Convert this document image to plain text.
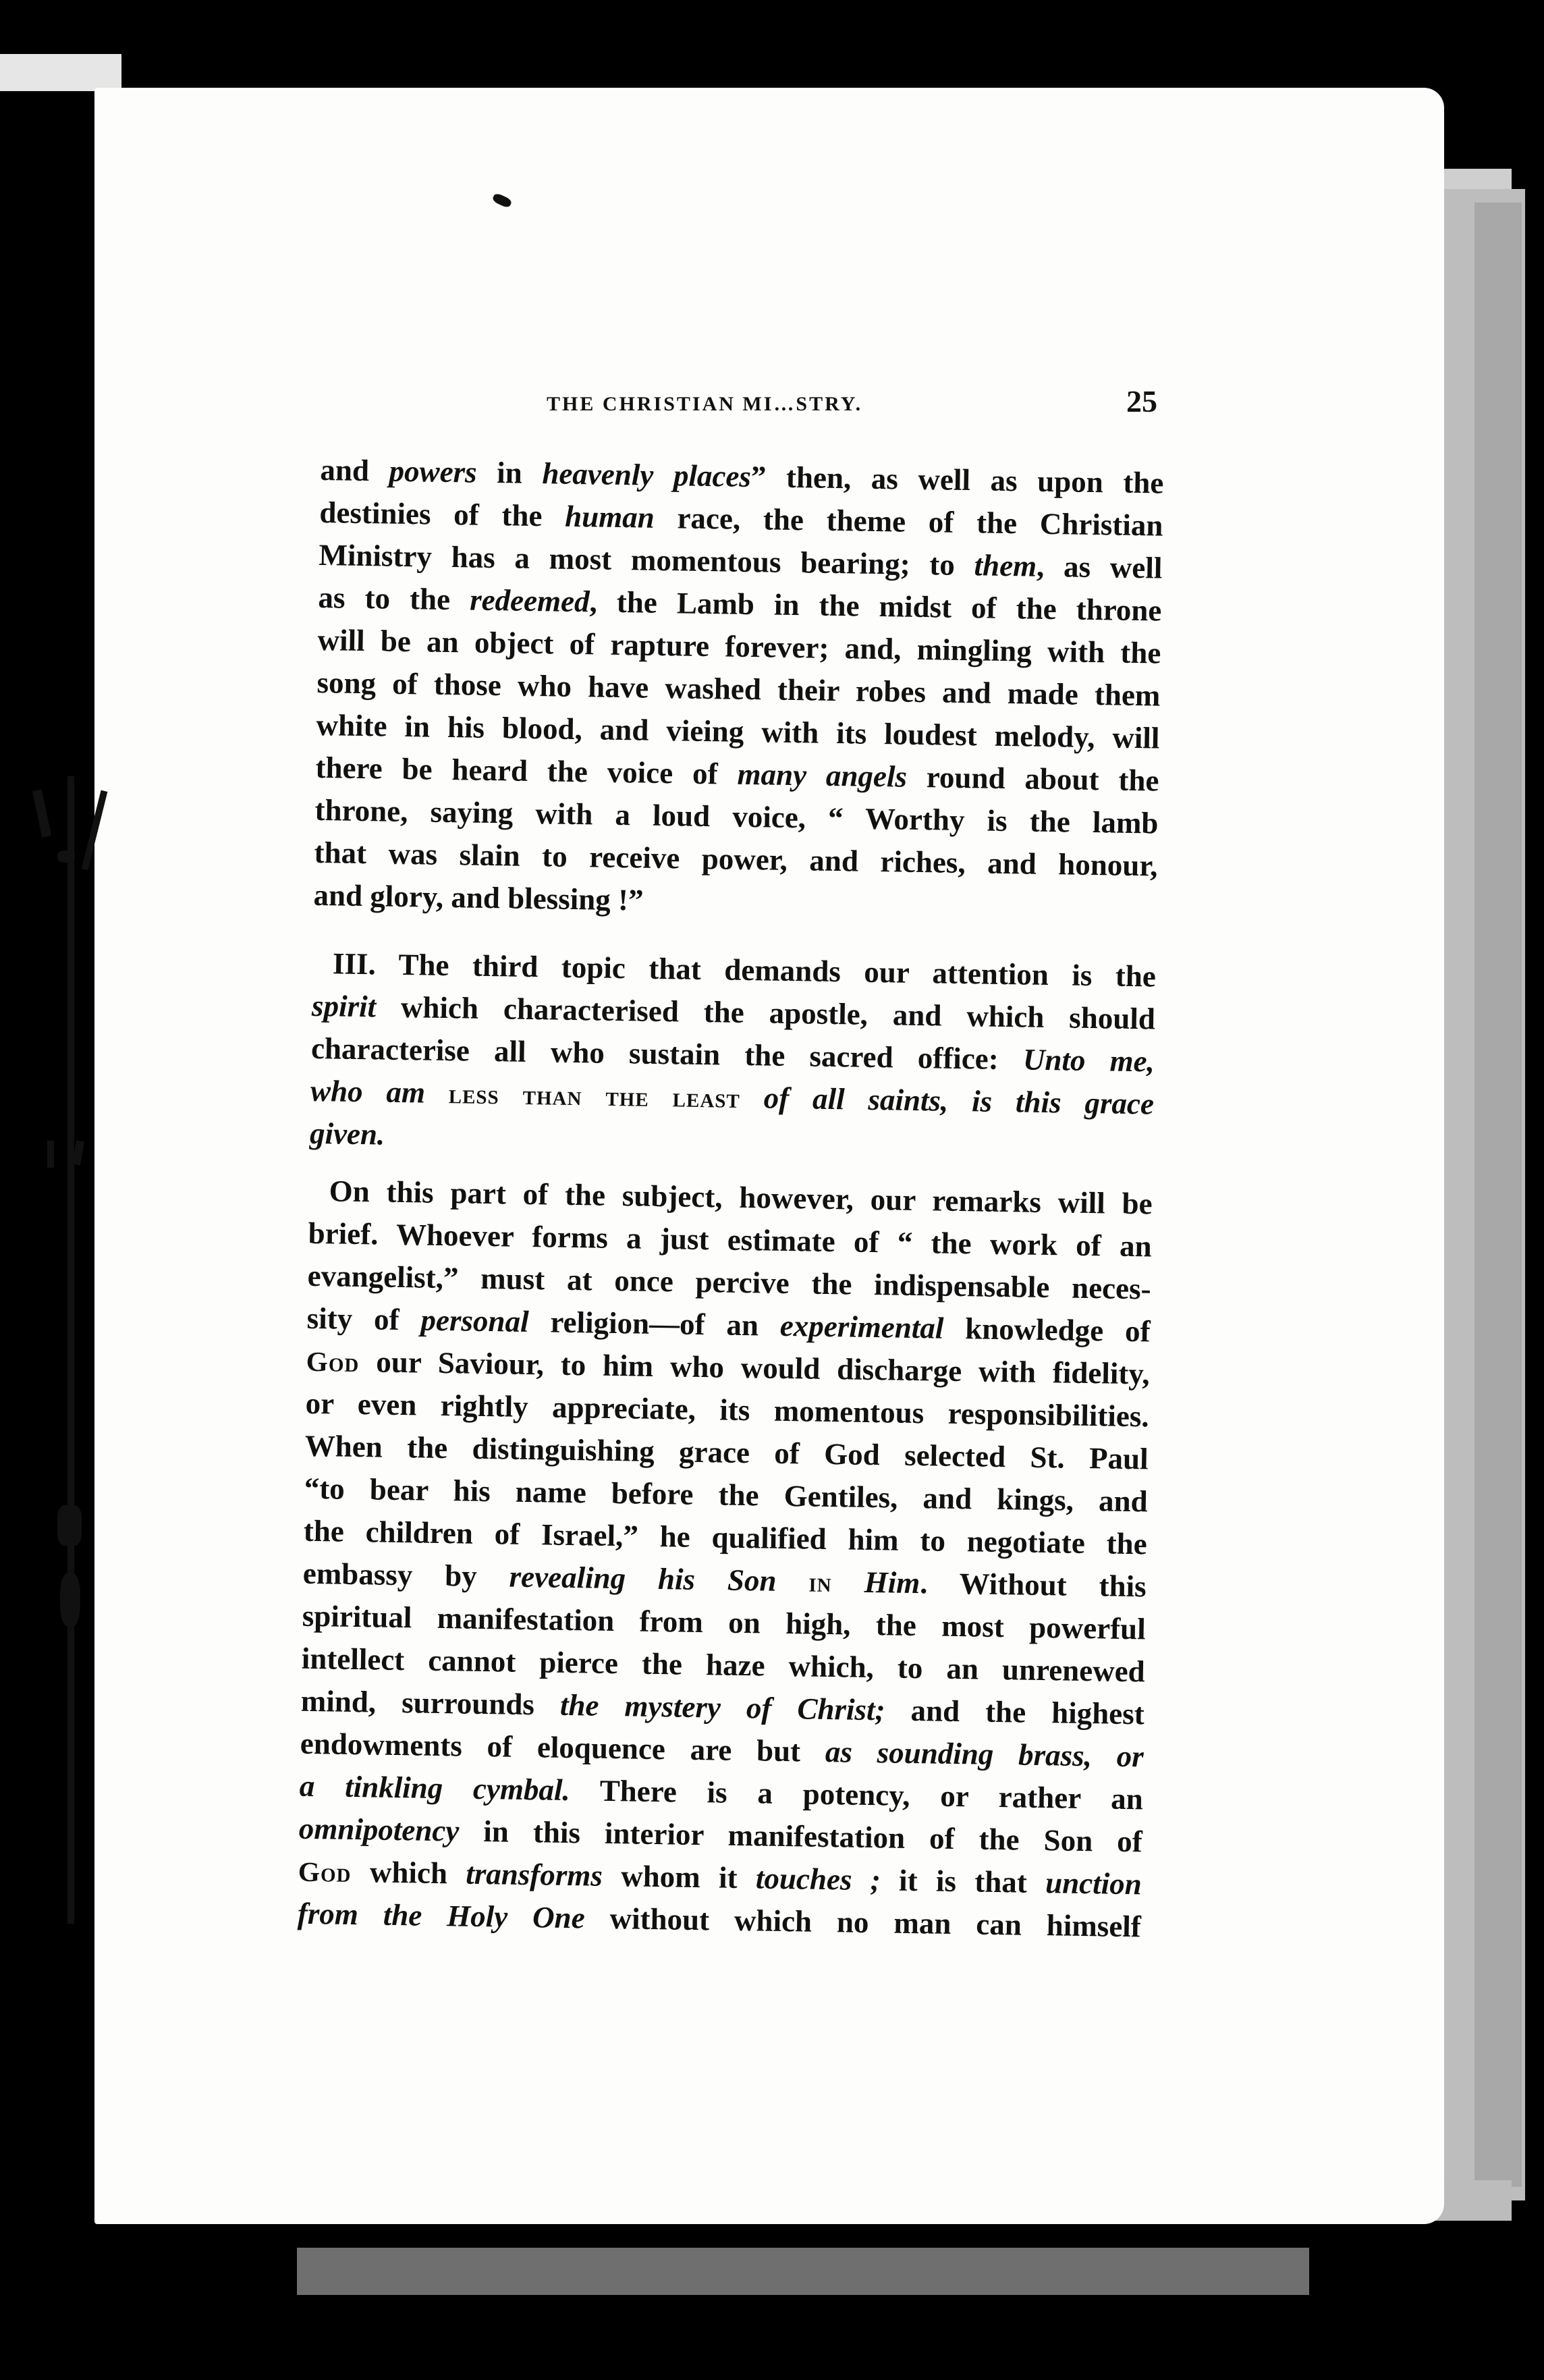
THE CHRISTIAN MI…STRY.	25
and powers in heavenly places” then, as well as upon the
destinies of the human race, the theme of the Christian
Ministry has a most momentous bearing; to them, as well
as to the redeemed, the Lamb in the midst of the throne
will be an object of rapture forever; and, mingling with the
song of those who have washed their robes and made them
white in his blood, and vieing with its loudest melody, will
there be heard the voice of many angels round about the
throne, saying with a loud voice, “ Worthy is the lamb
that was slain to receive power, and riches, and honour,
and glory, and blessing !”
III. The third topic that demands our attention is the
spirit which characterised the apostle, and which should
characterise all who sustain the sacred office: Unto me,
who am less than the least of all saints, is this grace
given.
On this part of the subject, however, our remarks will be
brief. Whoever forms a just estimate of “ the work of an
evangelist,” must at once percive the indispensable neces-
sity of personal religion—of an experimental knowledge of
God our Saviour, to him who would discharge with fidelity,
or even rightly appreciate, its momentous responsibilities.
When the distinguishing grace of God selected St. Paul
“to bear his name before the Gentiles, and kings, and
the children of Israel,” he qualified him to negotiate the
embassy by revealing his Son in Him. Without this
spiritual manifestation from on high, the most powerful
intellect cannot pierce the haze which, to an unrenewed
mind, surrounds the mystery of Christ; and the highest
endowments of eloquence are but as sounding brass, or
a tinkling cymbal. There is a potency, or rather an
omnipotency in this interior manifestation of the Son of
God which transforms whom it touches ; it is that unction
from the Holy One without which no man can himself
